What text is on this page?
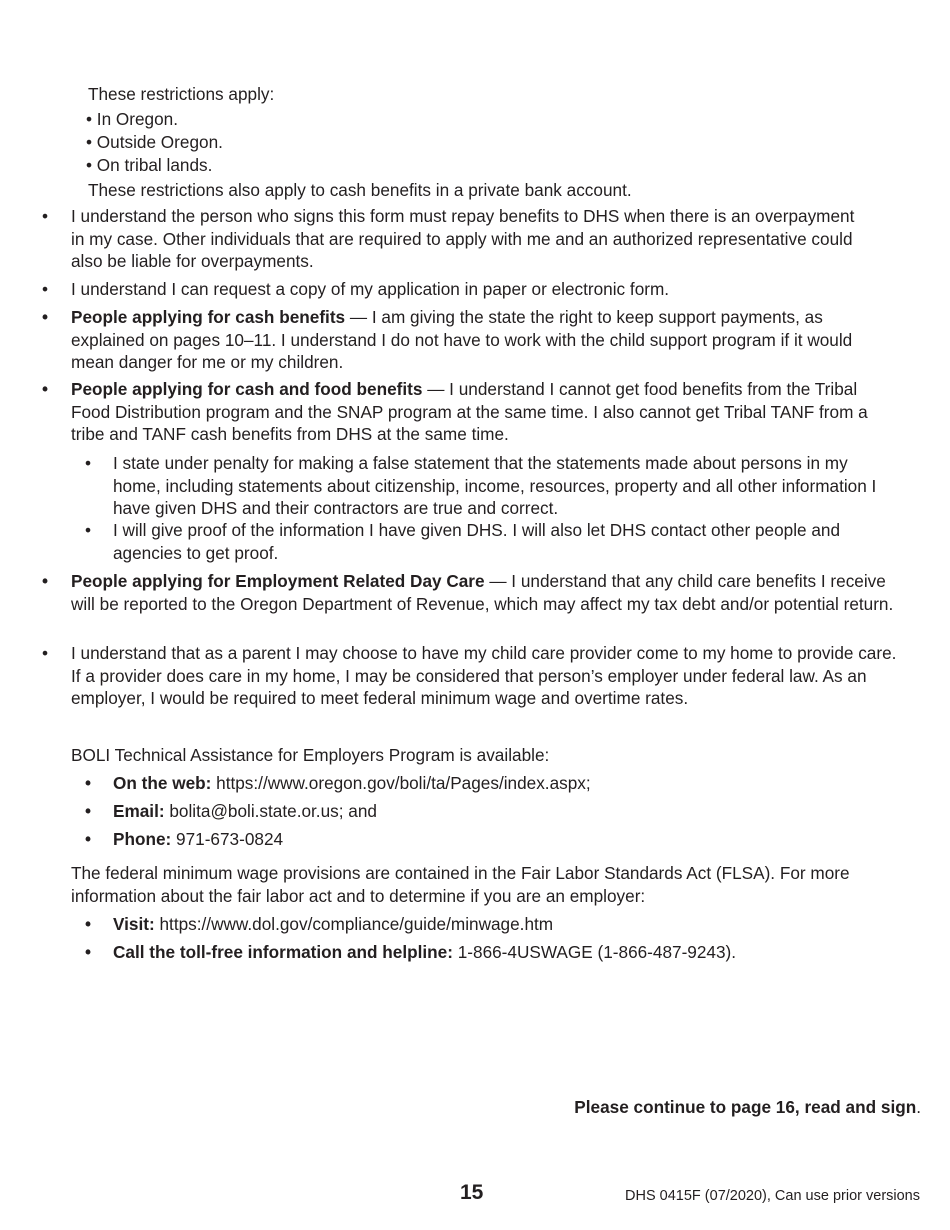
These restrictions apply:
• In Oregon.
• Outside Oregon.
• On tribal lands.
These restrictions also apply to cash benefits in a private bank account.
• I understand the person who signs this form must repay benefits to DHS when there is an overpayment in my case. Other individuals that are required to apply with me and an authorized representative could also be liable for overpayments.
• I understand I can request a copy of my application in paper or electronic form.
• People applying for cash benefits — I am giving the state the right to keep support payments, as explained on pages 10–11. I understand I do not have to work with the child support program if it would mean danger for me or my children.
• People applying for cash and food benefits — I understand I cannot get food benefits from the Tribal Food Distribution program and the SNAP program at the same time. I also cannot get Tribal TANF from a tribe and TANF cash benefits from DHS at the same time.
• I state under penalty for making a false statement that the statements made about persons in my home, including statements about citizenship, income, resources, property and all other information I have given DHS and their contractors are true and correct.
• I will give proof of the information I have given DHS. I will also let DHS contact other people and agencies to get proof.
• People applying for Employment Related Day Care — I understand that any child care benefits I receive will be reported to the Oregon Department of Revenue, which may affect my tax debt and/or potential return.
• I understand that as a parent I may choose to have my child care provider come to my home to provide care. If a provider does care in my home, I may be considered that person’s employer under federal law. As an employer, I would be required to meet federal minimum wage and overtime rates.
BOLI Technical Assistance for Employers Program is available:
• On the web: https://www.oregon.gov/boli/ta/Pages/index.aspx;
• Email: bolita@boli.state.or.us; and
• Phone: 971-673-0824
The federal minimum wage provisions are contained in the Fair Labor Standards Act (FLSA). For more information about the fair labor act and to determine if you are an employer:
• Visit: https://www.dol.gov/compliance/guide/minwage.htm
• Call the toll-free information and helpline: 1-866-4USWAGE (1-866-487-9243).
Please continue to page 16, read and sign.
15	DHS 0415F (07/2020), Can use prior versions
